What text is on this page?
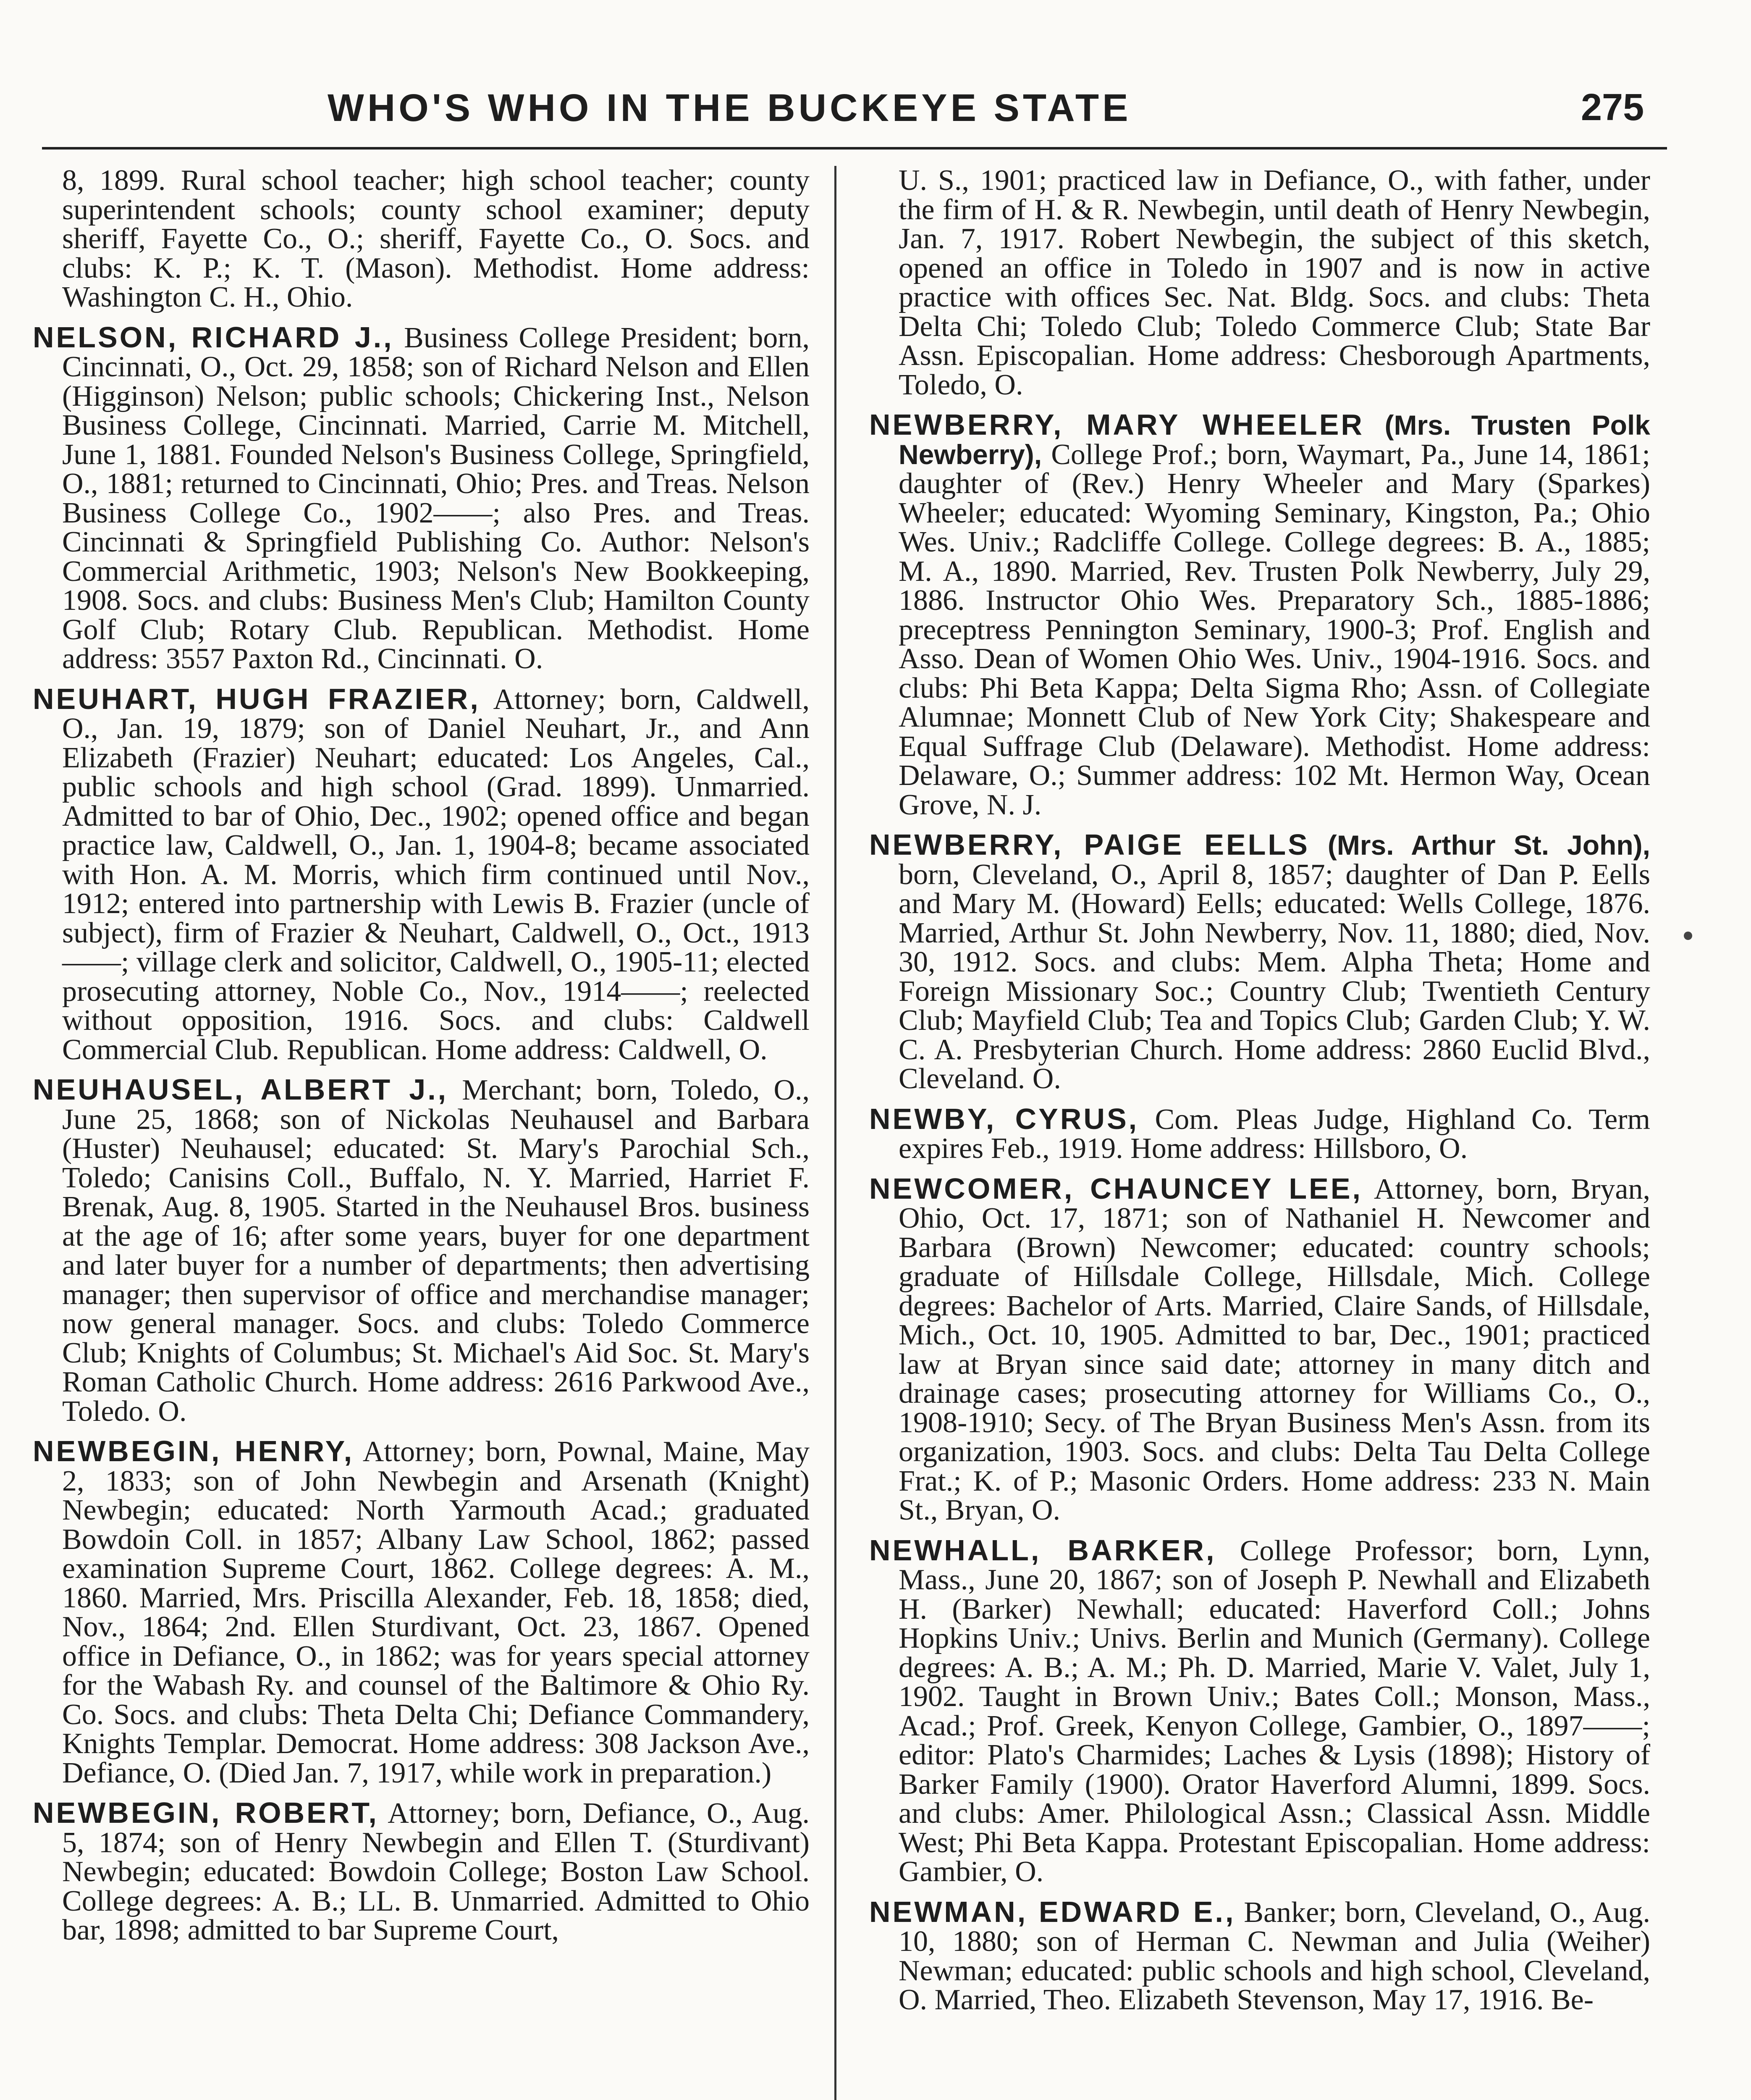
WHO'S WHO IN THE BUCKEYE STATE	275

8, 1899. Rural school teacher; high school teacher; county superintendent schools; county school examiner; deputy sheriff, Fayette Co., O.; sheriff, Fayette Co., O. Socs. and clubs: K. P.; K. T. (Mason). Methodist. Home address: Washington C. H., Ohio.

NELSON, RICHARD J., Business College President; born, Cincinnati, O., Oct. 29, 1858; son of Richard Nelson and Ellen (Higginson) Nelson; public schools; Chickering Inst., Nelson Business College, Cincinnati. Married, Carrie M. Mitchell, June 1, 1881. Founded Nelson's Business College, Springfield, O., 1881; returned to Cincinnati, Ohio; Pres. and Treas. Nelson Business College Co., 1902——; also Pres. and Treas. Cincinnati & Springfield Publishing Co. Author: Nelson's Commercial Arithmetic, 1903; Nelson's New Bookkeeping, 1908. Socs. and clubs: Business Men's Club; Hamilton County Golf Club; Rotary Club. Republican. Methodist. Home address: 3557 Paxton Rd., Cincinnati. O.

NEUHART, HUGH FRAZIER, Attorney; born, Caldwell, O., Jan. 19, 1879; son of Daniel Neuhart, Jr., and Ann Elizabeth (Frazier) Neuhart; educated: Los Angeles, Cal., public schools and high school (Grad. 1899). Unmarried. Admitted to bar of Ohio, Dec., 1902; opened office and began practice law, Caldwell, O., Jan. 1, 1904-8; became associated with Hon. A. M. Morris, which firm continued until Nov., 1912; entered into partnership with Lewis B. Frazier (uncle of subject), firm of Frazier & Neuhart, Caldwell, O., Oct., 1913——; village clerk and solicitor, Caldwell, O., 1905-11; elected prosecuting attorney, Noble Co., Nov., 1914——; reelected without opposition, 1916. Socs. and clubs: Caldwell Commercial Club. Republican. Home address: Caldwell, O.

NEUHAUSEL, ALBERT J., Merchant; born, Toledo, O., June 25, 1868; son of Nickolas Neuhausel and Barbara (Huster) Neuhausel; educated: St. Mary's Parochial Sch., Toledo; Canisins Coll., Buffalo, N. Y. Married, Harriet F. Brenak, Aug. 8, 1905. Started in the Neuhausel Bros. business at the age of 16; after some years, buyer for one department and later buyer for a number of departments; then advertising manager; then supervisor of office and merchandise manager; now general manager. Socs. and clubs: Toledo Commerce Club; Knights of Columbus; St. Michael's Aid Soc. St. Mary's Roman Catholic Church. Home address: 2616 Parkwood Ave., Toledo. O.

NEWBEGIN, HENRY, Attorney; born, Pownal, Maine, May 2, 1833; son of John Newbegin and Arsenath (Knight) Newbegin; educated: North Yarmouth Acad.; graduated Bowdoin Coll. in 1857; Albany Law School, 1862; passed examination Supreme Court, 1862. College degrees: A. M., 1860. Married, Mrs. Priscilla Alexander, Feb. 18, 1858; died, Nov., 1864; 2nd. Ellen Sturdivant, Oct. 23, 1867. Opened office in Defiance, O., in 1862; was for years special attorney for the Wabash Ry. and counsel of the Baltimore & Ohio Ry. Co. Socs. and clubs: Theta Delta Chi; Defiance Commandery, Knights Templar. Democrat. Home address: 308 Jackson Ave., Defiance, O. (Died Jan. 7, 1917, while work in preparation.)

NEWBEGIN, ROBERT, Attorney; born, Defiance, O., Aug. 5, 1874; son of Henry Newbegin and Ellen T. (Sturdivant) Newbegin; educated: Bowdoin College; Boston Law School. College degrees: A. B.; LL. B. Unmarried. Admitted to Ohio bar, 1898; admitted to bar Supreme Court,

U. S., 1901; practiced law in Defiance, O., with father, under the firm of H. & R. Newbegin, until death of Henry Newbegin, Jan. 7, 1917. Robert Newbegin, the subject of this sketch, opened an office in Toledo in 1907 and is now in active practice with offices Sec. Nat. Bldg. Socs. and clubs: Theta Delta Chi; Toledo Club; Toledo Commerce Club; State Bar Assn. Episcopalian. Home address: Chesborough Apartments, Toledo, O.

NEWBERRY, MARY WHEELER (Mrs. Trusten Polk Newberry), College Prof.; born, Waymart, Pa., June 14, 1861; daughter of (Rev.) Henry Wheeler and Mary (Sparkes) Wheeler; educated: Wyoming Seminary, Kingston, Pa.; Ohio Wes. Univ.; Radcliffe College. College degrees: B. A., 1885; M. A., 1890. Married, Rev. Trusten Polk Newberry, July 29, 1886. Instructor Ohio Wes. Preparatory Sch., 1885-1886; preceptress Pennington Seminary, 1900-3; Prof. English and Asso. Dean of Women Ohio Wes. Univ., 1904-1916. Socs. and clubs: Phi Beta Kappa; Delta Sigma Rho; Assn. of Collegiate Alumnae; Monnett Club of New York City; Shakespeare and Equal Suffrage Club (Delaware). Methodist. Home address: Delaware, O.; Summer address: 102 Mt. Hermon Way, Ocean Grove, N. J.

NEWBERRY, PAIGE EELLS (Mrs. Arthur St. John), born, Cleveland, O., April 8, 1857; daughter of Dan P. Eells and Mary M. (Howard) Eells; educated: Wells College, 1876. Married, Arthur St. John Newberry, Nov. 11, 1880; died, Nov. 30, 1912. Socs. and clubs: Mem. Alpha Theta; Home and Foreign Missionary Soc.; Country Club; Twentieth Century Club; Mayfield Club; Tea and Topics Club; Garden Club; Y. W. C. A. Presbyterian Church. Home address: 2860 Euclid Blvd., Cleveland. O.

NEWBY, CYRUS, Com. Pleas Judge, Highland Co. Term expires Feb., 1919. Home address: Hillsboro, O.

NEWCOMER, CHAUNCEY LEE, Attorney, born, Bryan, Ohio, Oct. 17, 1871; son of Nathaniel H. Newcomer and Barbara (Brown) Newcomer; educated: country schools; graduate of Hillsdale College, Hillsdale, Mich. College degrees: Bachelor of Arts. Married, Claire Sands, of Hillsdale, Mich., Oct. 10, 1905. Admitted to bar, Dec., 1901; practiced law at Bryan since said date; attorney in many ditch and drainage cases; prosecuting attorney for Williams Co., O., 1908-1910; Secy. of The Bryan Business Men's Assn. from its organization, 1903. Socs. and clubs: Delta Tau Delta College Frat.; K. of P.; Masonic Orders. Home address: 233 N. Main St., Bryan, O.

NEWHALL, BARKER, College Professor; born, Lynn, Mass., June 20, 1867; son of Joseph P. Newhall and Elizabeth H. (Barker) Newhall; educated: Haverford Coll.; Johns Hopkins Univ.; Univs. Berlin and Munich (Germany). College degrees: A. B.; A. M.; Ph. D. Married, Marie V. Valet, July 1, 1902. Taught in Brown Univ.; Bates Coll.; Monson, Mass., Acad.; Prof. Greek, Kenyon College, Gambier, O., 1897——; editor: Plato's Charmides; Laches & Lysis (1898); History of Barker Family (1900). Orator Haverford Alumni, 1899. Socs. and clubs: Amer. Philological Assn.; Classical Assn. Middle West; Phi Beta Kappa. Protestant Episcopalian. Home address: Gambier, O.

NEWMAN, EDWARD E., Banker; born, Cleveland, O., Aug. 10, 1880; son of Herman C. Newman and Julia (Weiher) Newman; educated: public schools and high school, Cleveland, O. Married, Theo. Elizabeth Stevenson, May 17, 1916. Be-
